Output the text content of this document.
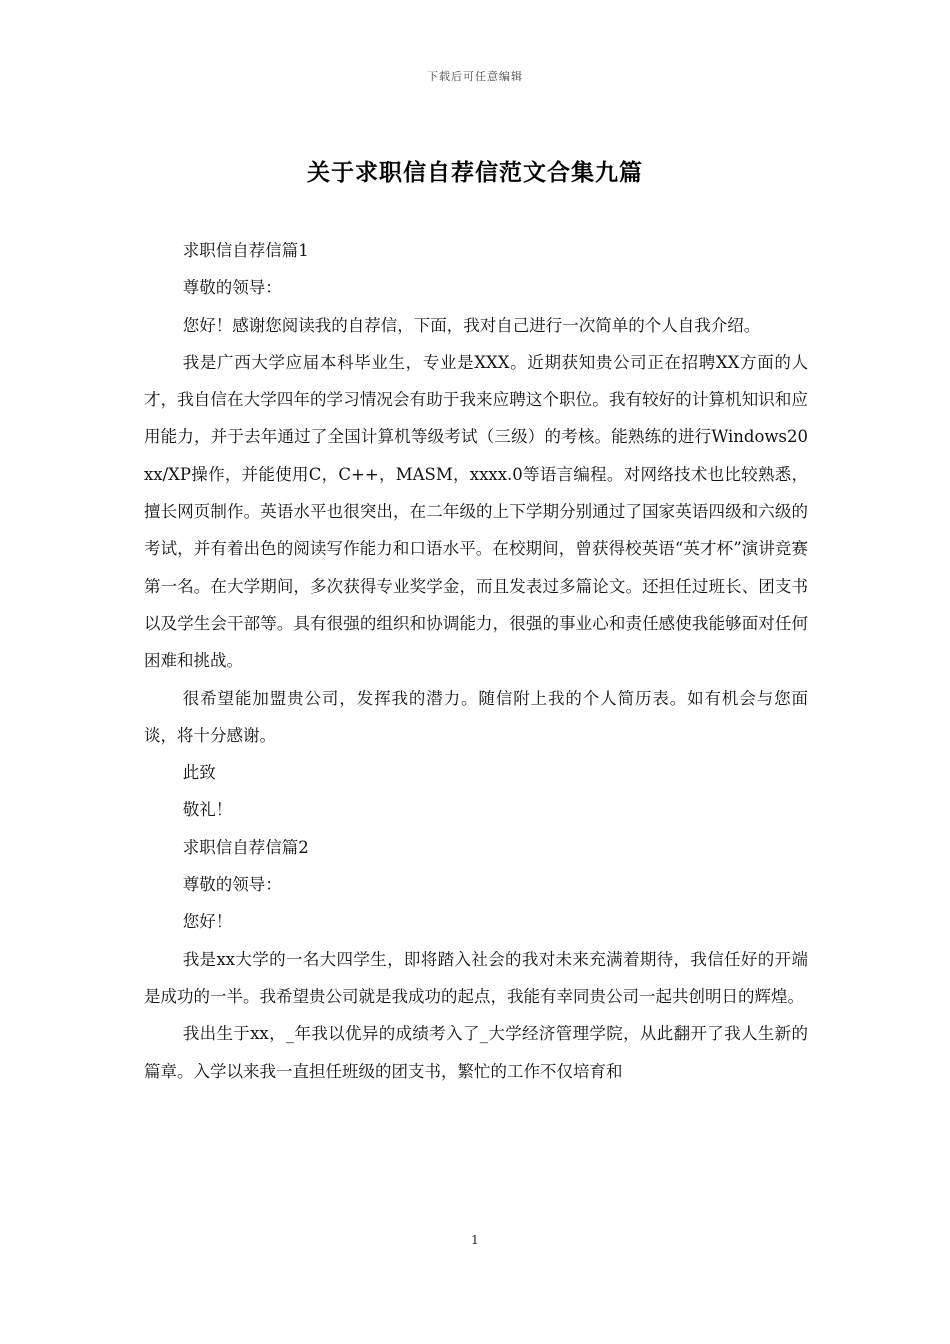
下载后可任意编辑
关于求职信自荐信范文合集九篇

求职信自荐信篇1

尊敬的领导：

您好！感谢您阅读我的自荐信，下面，我对自己进行一次简单的个人自我介绍。

我是广西大学应届本科毕业生，专业是XXX。近期获知贵公司正在招聘XX方面的人才，我自信在大学四年的学习情况会有助于我来应聘这个职位。我有较好的计算机知识和应用能力，并于去年通过了全国计算机等级考试（三级）的考核。能熟练的进行Windows20xx/XP操作，并能使用C，C++，MASM，xxxx.0等语言编程。对网络技术也比较熟悉，擅长网页制作。英语水平也很突出，在二年级的上下学期分别通过了国家英语四级和六级的考试，并有着出色的阅读写作能力和口语水平。在校期间，曾获得校英语“英才杯”演讲竞赛第一名。在大学期间，多次获得专业奖学金，而且发表过多篇论文。还担任过班长、团支书以及学生会干部等。具有很强的组织和协调能力，很强的事业心和责任感使我能够面对任何困难和挑战。

很希望能加盟贵公司，发挥我的潜力。随信附上我的个人简历表。如有机会与您面谈，将十分感谢。

此致

敬礼！

求职信自荐信篇2

尊敬的领导：

您好！

我是xx大学的一名大四学生，即将踏入社会的我对未来充满着期待，我信任好的开端是成功的一半。我希望贵公司就是我成功的起点，我能有幸同贵公司一起共创明日的辉煌。

我出生于xx，_年我以优异的成绩考入了_大学经济管理学院，从此翻开了我人生新的篇章。入学以来我一直担任班级的团支书，繁忙的工作不仅培育和

1
